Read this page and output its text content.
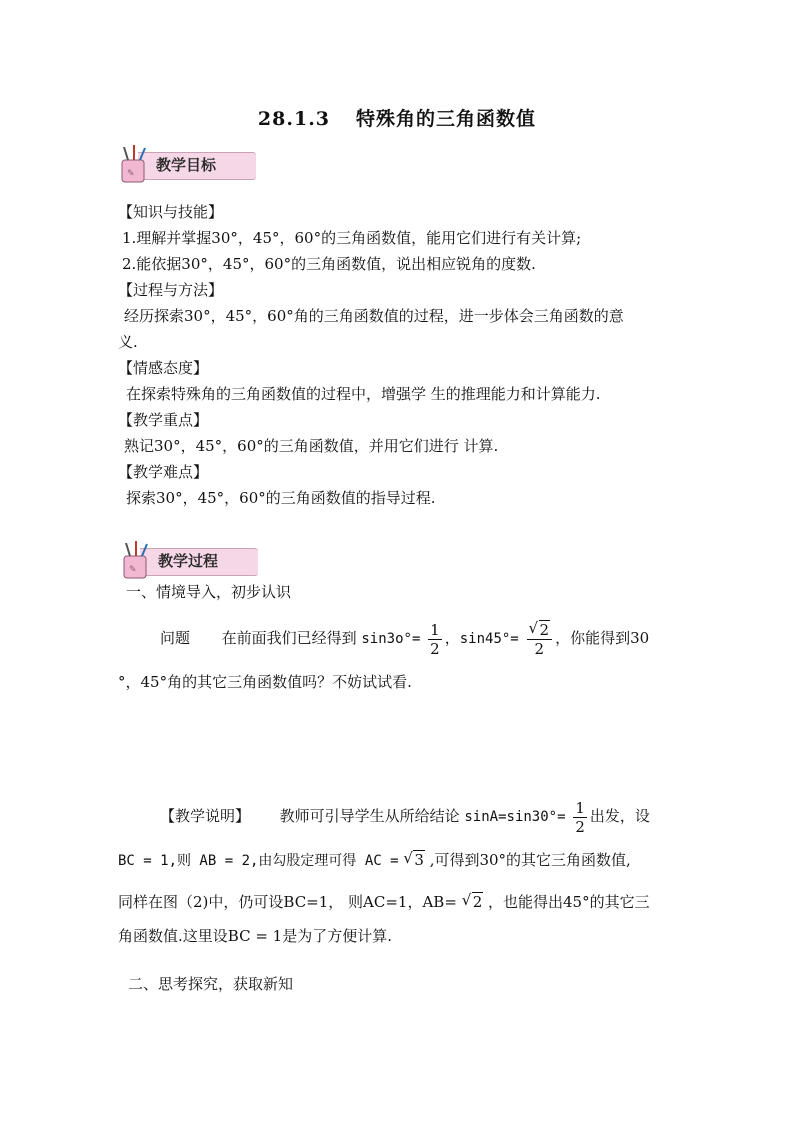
28.1.3 特殊角的三角函数值
✎ 教学目标
【知识与技能】
1.理解并掌握30°，45°，60°的三角函数值，能用它们进行有关计算;
2.能依据30°，45°，60°的三角函数值，说出相应锐角的度数.
【过程与方法】
经历探索30°，45°，60°角的三角函数值的过程，进一步体会三角函数的意
义.
【情感态度】
在探索特殊角的三角函数值的过程中，增强学 生的推理能力和计算能力.
【教学重点】
熟记30°，45°，60°的三角函数值，并用它们进行 计算.
【教学难点】
探索30°，45°，60°的三角函数值的指导过程.
✎ 教学过程
一、情境导入，初步认识
问题 在前面我们已经得到 $\sin 3o^\circ= \frac{1}{2}$ ，$\sin 45^\circ= \frac{√ 2}{2}$ ，你能得到30
°，45°角的其它三角函数值吗？不妨试试看.
【教学说明】 教师可引导学生从所给结论 $\sin A=\sin 30^\circ= \frac{1}{2}$ 出发，设
BC = 1,则 AB = 2,由勾股定理可得 AC = √ 3 ,可得到30°的其它三角函数值,
同样在图（2)中，仍可设BC=1， 则AC=1，AB= √ 2 ，也能得出45°的其它三
角函数值.这里设BC = 1是为了方便计算.
二、思考探究，获取新知
